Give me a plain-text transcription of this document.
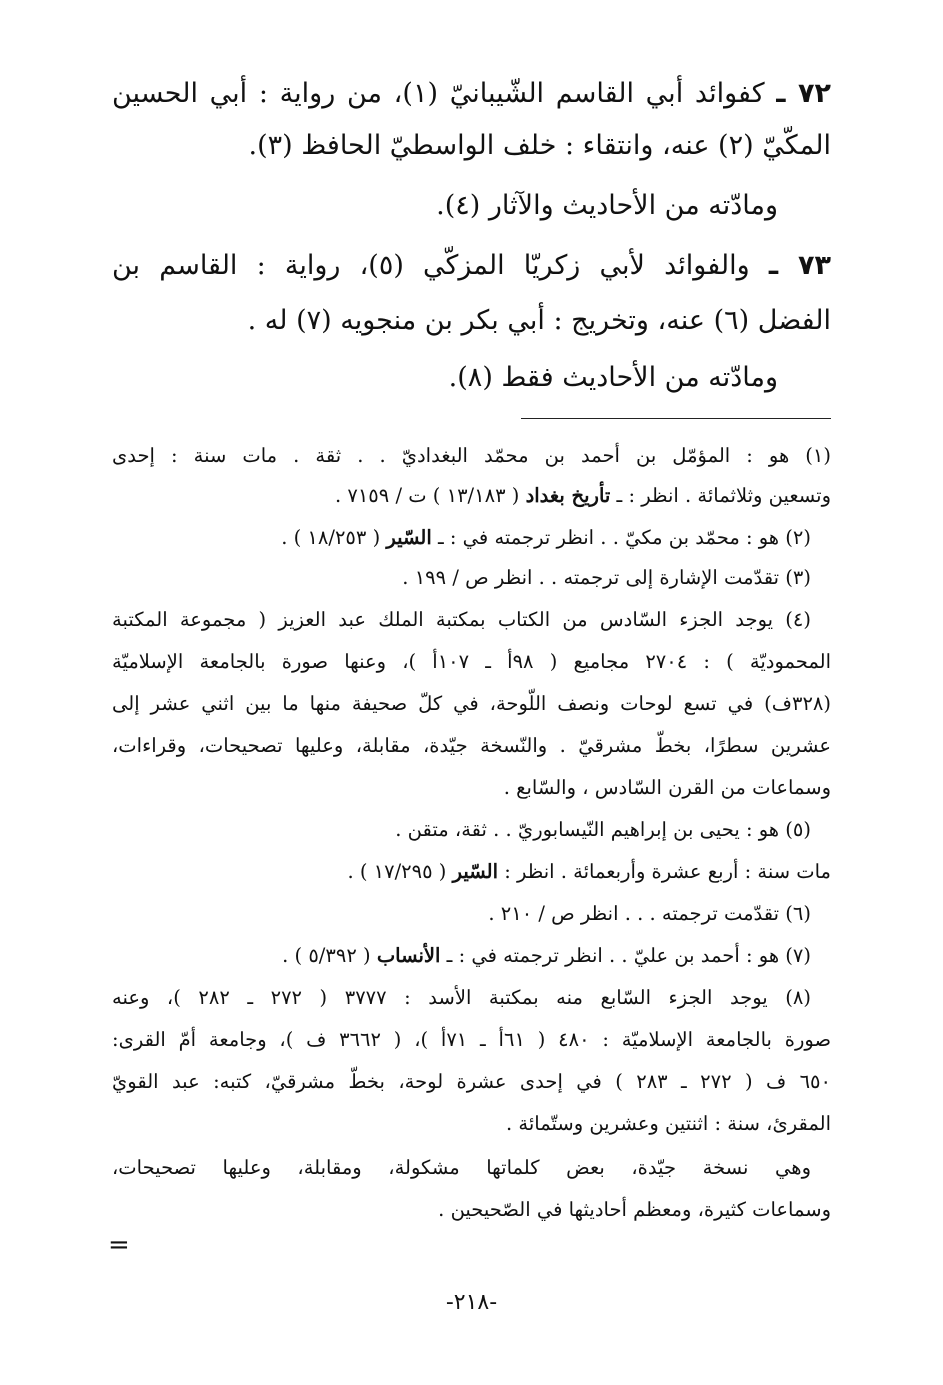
٧٢ ـ كفوائد أبي القاسم الشّيبانيّ (١)، من رواية : أبي الحسين
المكّيّ (٢) عنه، وانتقاء : خلف الواسطيّ الحافظ (٣).
ومادّته من الأحاديث والآثار (٤).
٧٣ ـ والفوائد لأبي زكريّا المزكّي (٥)، رواية : القاسم بن
الفضل (٦) عنه، وتخريج : أبي بكر بن منجويه (٧) له .
ومادّته من الأحاديث فقط (٨).
(١) هو : المؤمّل بن أحمد بن محمّد البغداديّ . . ثقة . مات سنة : إحدى
وتسعين وثلاثمائة . انظر : ـ تأريخ بغداد ( ١٣/١٨٣ ) ت / ٧١٥٩ .
(٢) هو : محمّد بن مكيّ . . انظر ترجمته في : ـ السّير ( ١٨/٢٥٣ ) .
(٣) تقدّمت الإشارة إلى ترجمته . . انظر ص / ١٩٩ .
(٤) يوجد الجزء السّادس من الكتاب بمكتبة الملك عبد العزيز ( مجموعة المكتبة
المحموديّة ) : ٢٧٠٤ مجاميع ( ٩٨أ ـ ١٠٧أ )، وعنها صورة بالجامعة الإسلاميّة
(٣٢٨ف) في تسع لوحات ونصف اللّوحة، في كلّ صحيفة منها ما بين اثني عشر إلى
عشرين سطرًا، بخطّ مشرقيّ . والنّسخة جيّدة، مقابلة، وعليها تصحيحات، وقراءات،
وسماعات من القرن السّادس ، والسّابع .
(٥) هو : يحيى بن إبراهيم النّيسابوريّ . . ثقة، متقن .
مات سنة : أربع عشرة وأربعمائة . انظر : السّير ( ١٧/٢٩٥ ) .
(٦) تقدّمت ترجمته . . . انظر ص / ٢١٠ .
(٧) هو : أحمد بن عليّ . . انظر ترجمته في : ـ الأنساب ( ٥/٣٩٢ ) .
(٨) يوجد الجزء السّابع منه بمكتبة الأسد : ٣٧٧٧ ( ٢٧٢ ـ ٢٨٢ )، وعنه
صورة بالجامعة الإسلاميّة : ٤٨٠ ( ٦١أ ـ ٧١أ )، ( ٣٦٦٢ ف )، وجامعة أمّ القرى:
٦٥٠ ف ( ٢٧٢ ـ ٢٨٣ ) في إحدى عشرة لوحة، بخطّ مشرقيّ، كتبه: عبد القويّ
المقرئ، سنة : اثنتين وعشرين وستّمائة .
وهي نسخة جيّدة، بعض كلماتها مشكولة، ومقابلة، وعليها تصحيحات،
وسماعات كثيرة، ومعظم أحاديثها في الصّحيحين .
=
-٢١٨-
